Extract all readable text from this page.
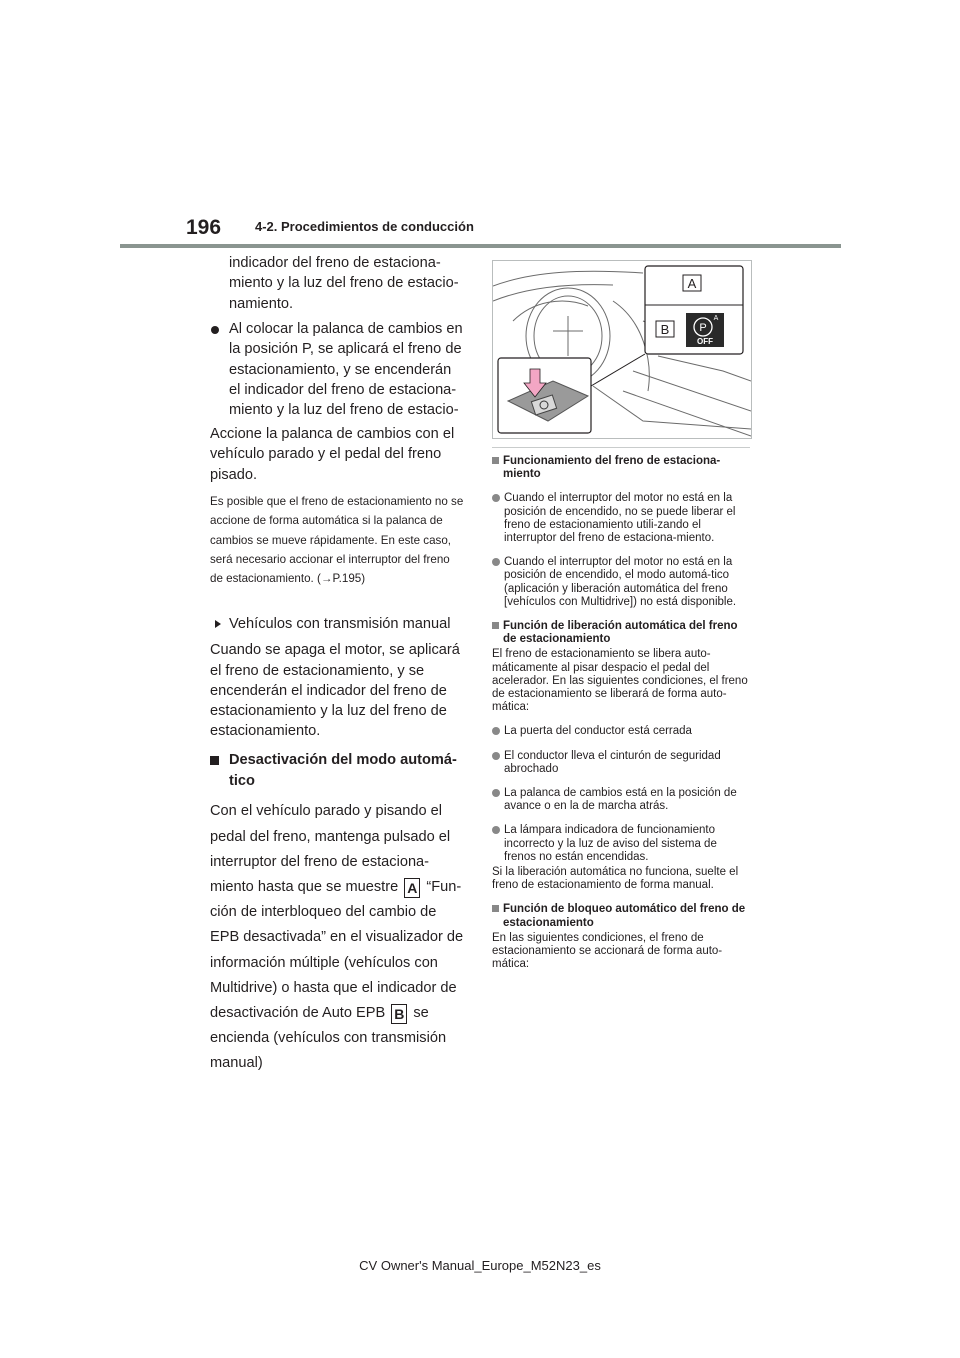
196	4-2. Procedimientos de conducción

indicador del freno de estaciona-miento y la luz del freno de estacio-namiento.

Al colocar la palanca de cambios en la posición P, se aplicará el freno de estacionamiento, y se encenderán el indicador del freno de estaciona-miento y la luz del freno de estacio-

Accione la palanca de cambios con el vehículo parado y el pedal del freno pisado.

Es posible que el freno de estacionamiento no se accione de forma automática si la palanca de cambios se mueve rápidamente. En este caso, será necesario accionar el interruptor del freno de estacionamiento. (→P.195)

Vehículos con transmisión manual

Cuando se apaga el motor, se aplicará el freno de estacionamiento, y se encenderán el indicador del freno de estacionamiento y la luz del freno de estacionamiento.

Desactivación del modo automá-tico

Con el vehículo parado y pisando el pedal del freno, mantenga pulsado el interruptor del freno de estaciona-miento hasta que se muestre A “Fun-ción de interbloqueo del cambio de EPB desactivada” en el visualizador de información múltiple (vehículos con Multidrive) o hasta que el indicador de desactivación de Auto EPB B se encienda (vehículos con transmisión manual)

A
B	P
A
OFF
Funcionamiento del freno de estaciona-miento
Cuando el interruptor del motor no está en la posición de encendido, no se puede liberar el freno de estacionamiento utili-zando el interruptor del freno de estaciona-miento.
Cuando el interruptor del motor no está en la posición de encendido, el modo automá-tico (aplicación y liberación automática del freno [vehículos con Multidrive]) no está disponible.
Función de liberación automática del freno de estacionamiento

El freno de estacionamiento se libera auto-máticamente al pisar despacio el pedal del acelerador. En las siguientes condiciones, el freno de estacionamiento se liberará de forma auto-mática:

La puerta del conductor está cerrada
El conductor lleva el cinturón de seguridad abrochado
La palanca de cambios está en la posición de avance o en la de marcha atrás.
La lámpara indicadora de funcionamiento incorrecto y la luz de aviso del sistema de frenos no están encendidas.

Si la liberación automática no funciona, suelte el freno de estacionamiento de forma manual.

Función de bloqueo automático del freno de estacionamiento

En las siguientes condiciones, el freno de estacionamiento se accionará de forma auto-mática:

CV Owner's Manual_Europe_M52N23_es
